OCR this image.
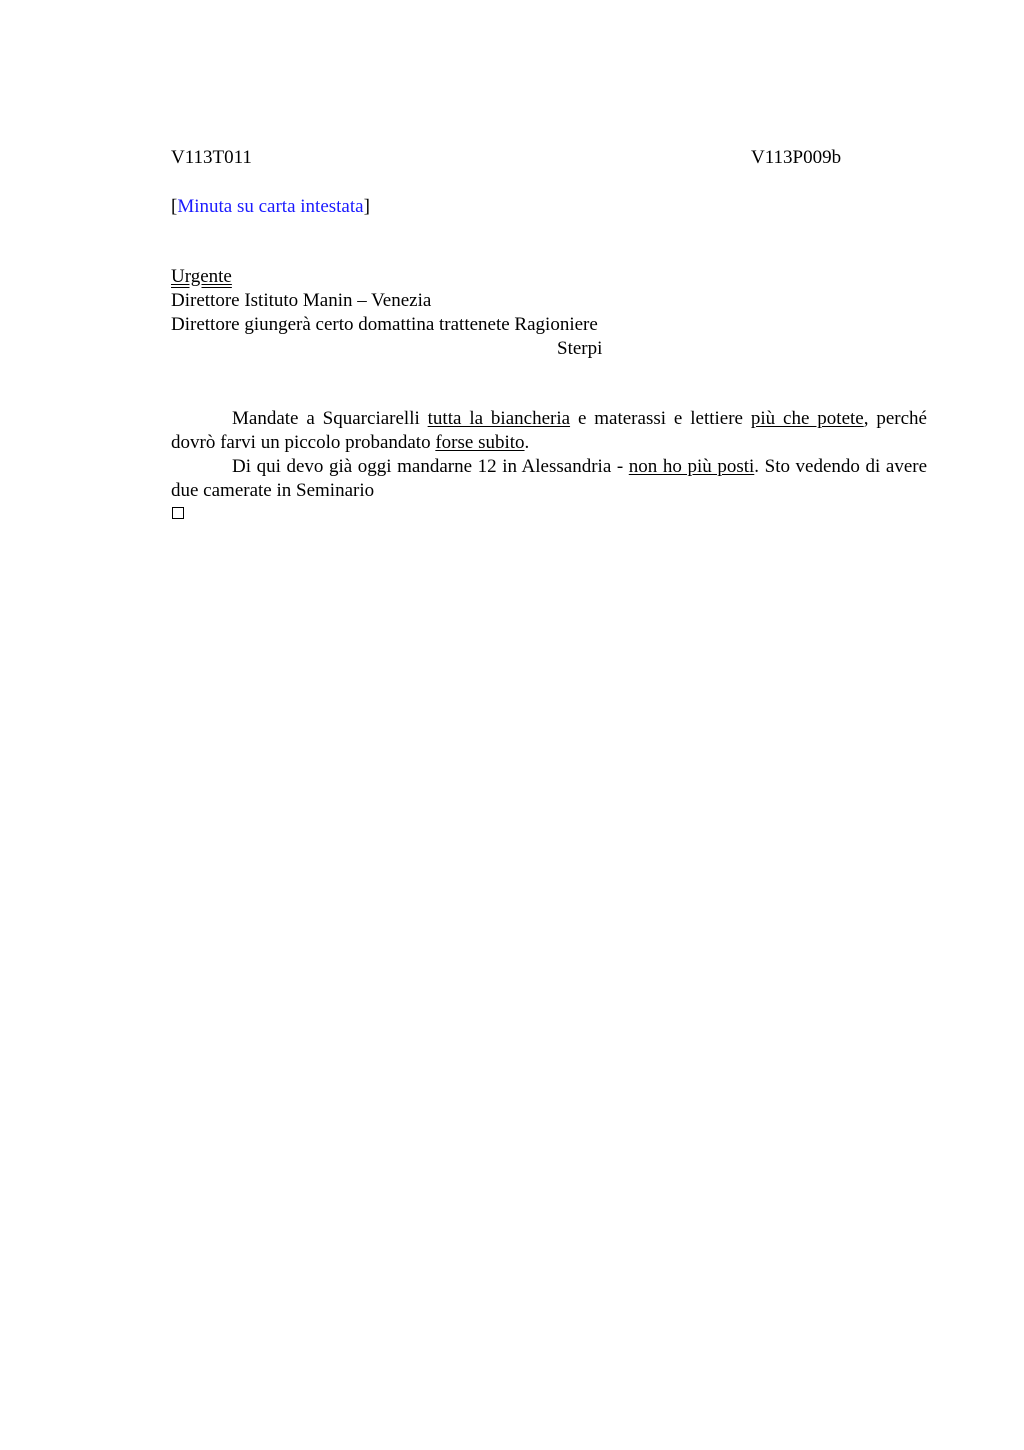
V113T011	V113P009b
[Minuta su carta intestata]
Urgente
Direttore Istituto Manin – Venezia
Direttore giungerà certo domattina trattenete Ragioniere
Sterpi

Mandate a Squarciarelli tutta la biancheria e materassi e lettiere più che potete, perché dovrò farvi un piccolo probandato forse subito.

Di qui devo già oggi mandarne 12 in Alessandria - non ho più posti. Sto vedendo di avere due camerate in Seminario
